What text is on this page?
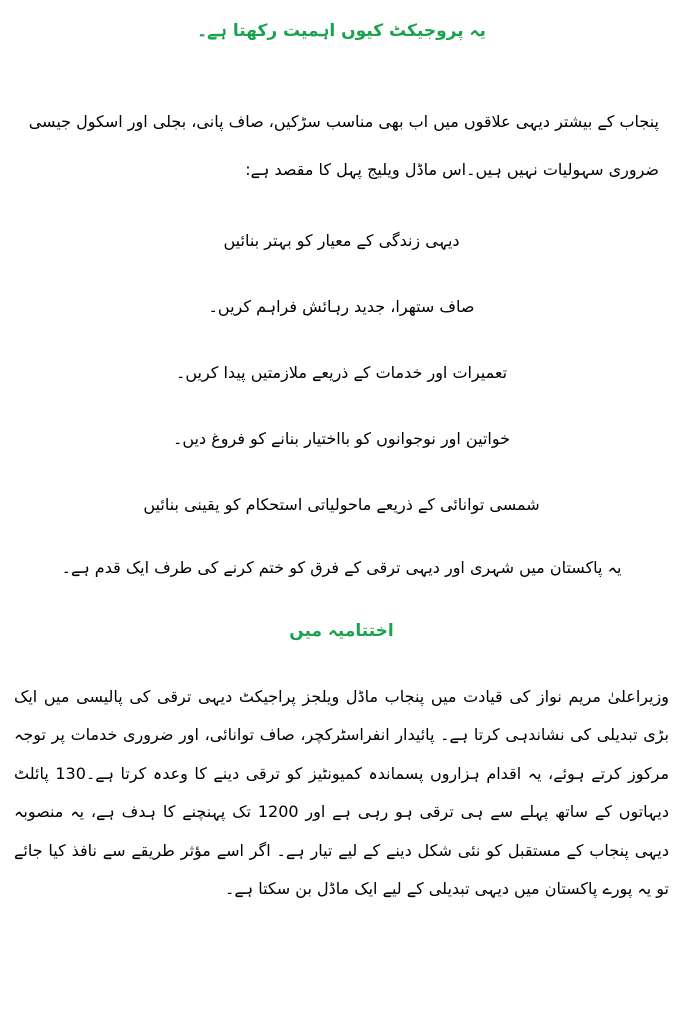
یہ پروجیکٹ کیوں اہمیت رکھتا ہے۔

پنجاب کے بیشتر دیہی علاقوں میں اب بھی مناسب سڑکیں، صاف پانی، بجلی اور اسکول جیسی ضروری سہولیات نہیں ہیں۔اس ماڈل ویلیج پہل کا مقصد ہے:

دیہی زندگی کے معیار کو بہتر بنائیں
صاف ستھرا، جدید رہائش فراہم کریں۔
تعمیرات اور خدمات کے ذریعے ملازمتیں پیدا کریں۔
خواتین اور نوجوانوں کو بااختیار بنانے کو فروغ دیں۔
شمسی توانائی کے ذریعے ماحولیاتی استحکام کو یقینی بنائیں

یہ پاکستان میں شہری اور دیہی ترقی کے فرق کو ختم کرنے کی طرف ایک قدم ہے۔

اختتامیہ میں

وزیراعلیٰ مریم نواز کی قیادت میں پنجاب ماڈل ویلجز پراجیکٹ دیہی ترقی کی پالیسی میں ایک بڑی تبدیلی کی نشاندہی کرتا ہے۔ پائیدار انفراسٹرکچر، صاف توانائی، اور ضروری خدمات پر توجہ مرکوز کرتے ہوئے، یہ اقدام ہزاروں پسماندہ کمیونٹیز کو ترقی دینے کا وعدہ کرتا ہے۔130 پائلٹ دیہاتوں کے ساتھ پہلے سے ہی ترقی ہو رہی ہے اور 1200 تک پہنچنے کا ہدف ہے، یہ منصوبہ دیہی پنجاب کے مستقبل کو نئی شکل دینے کے لیے تیار ہے۔ اگر اسے مؤثر طریقے سے نافذ کیا جائے تو یہ پورے پاکستان میں دیہی تبدیلی کے لیے ایک ماڈل بن سکتا ہے۔
